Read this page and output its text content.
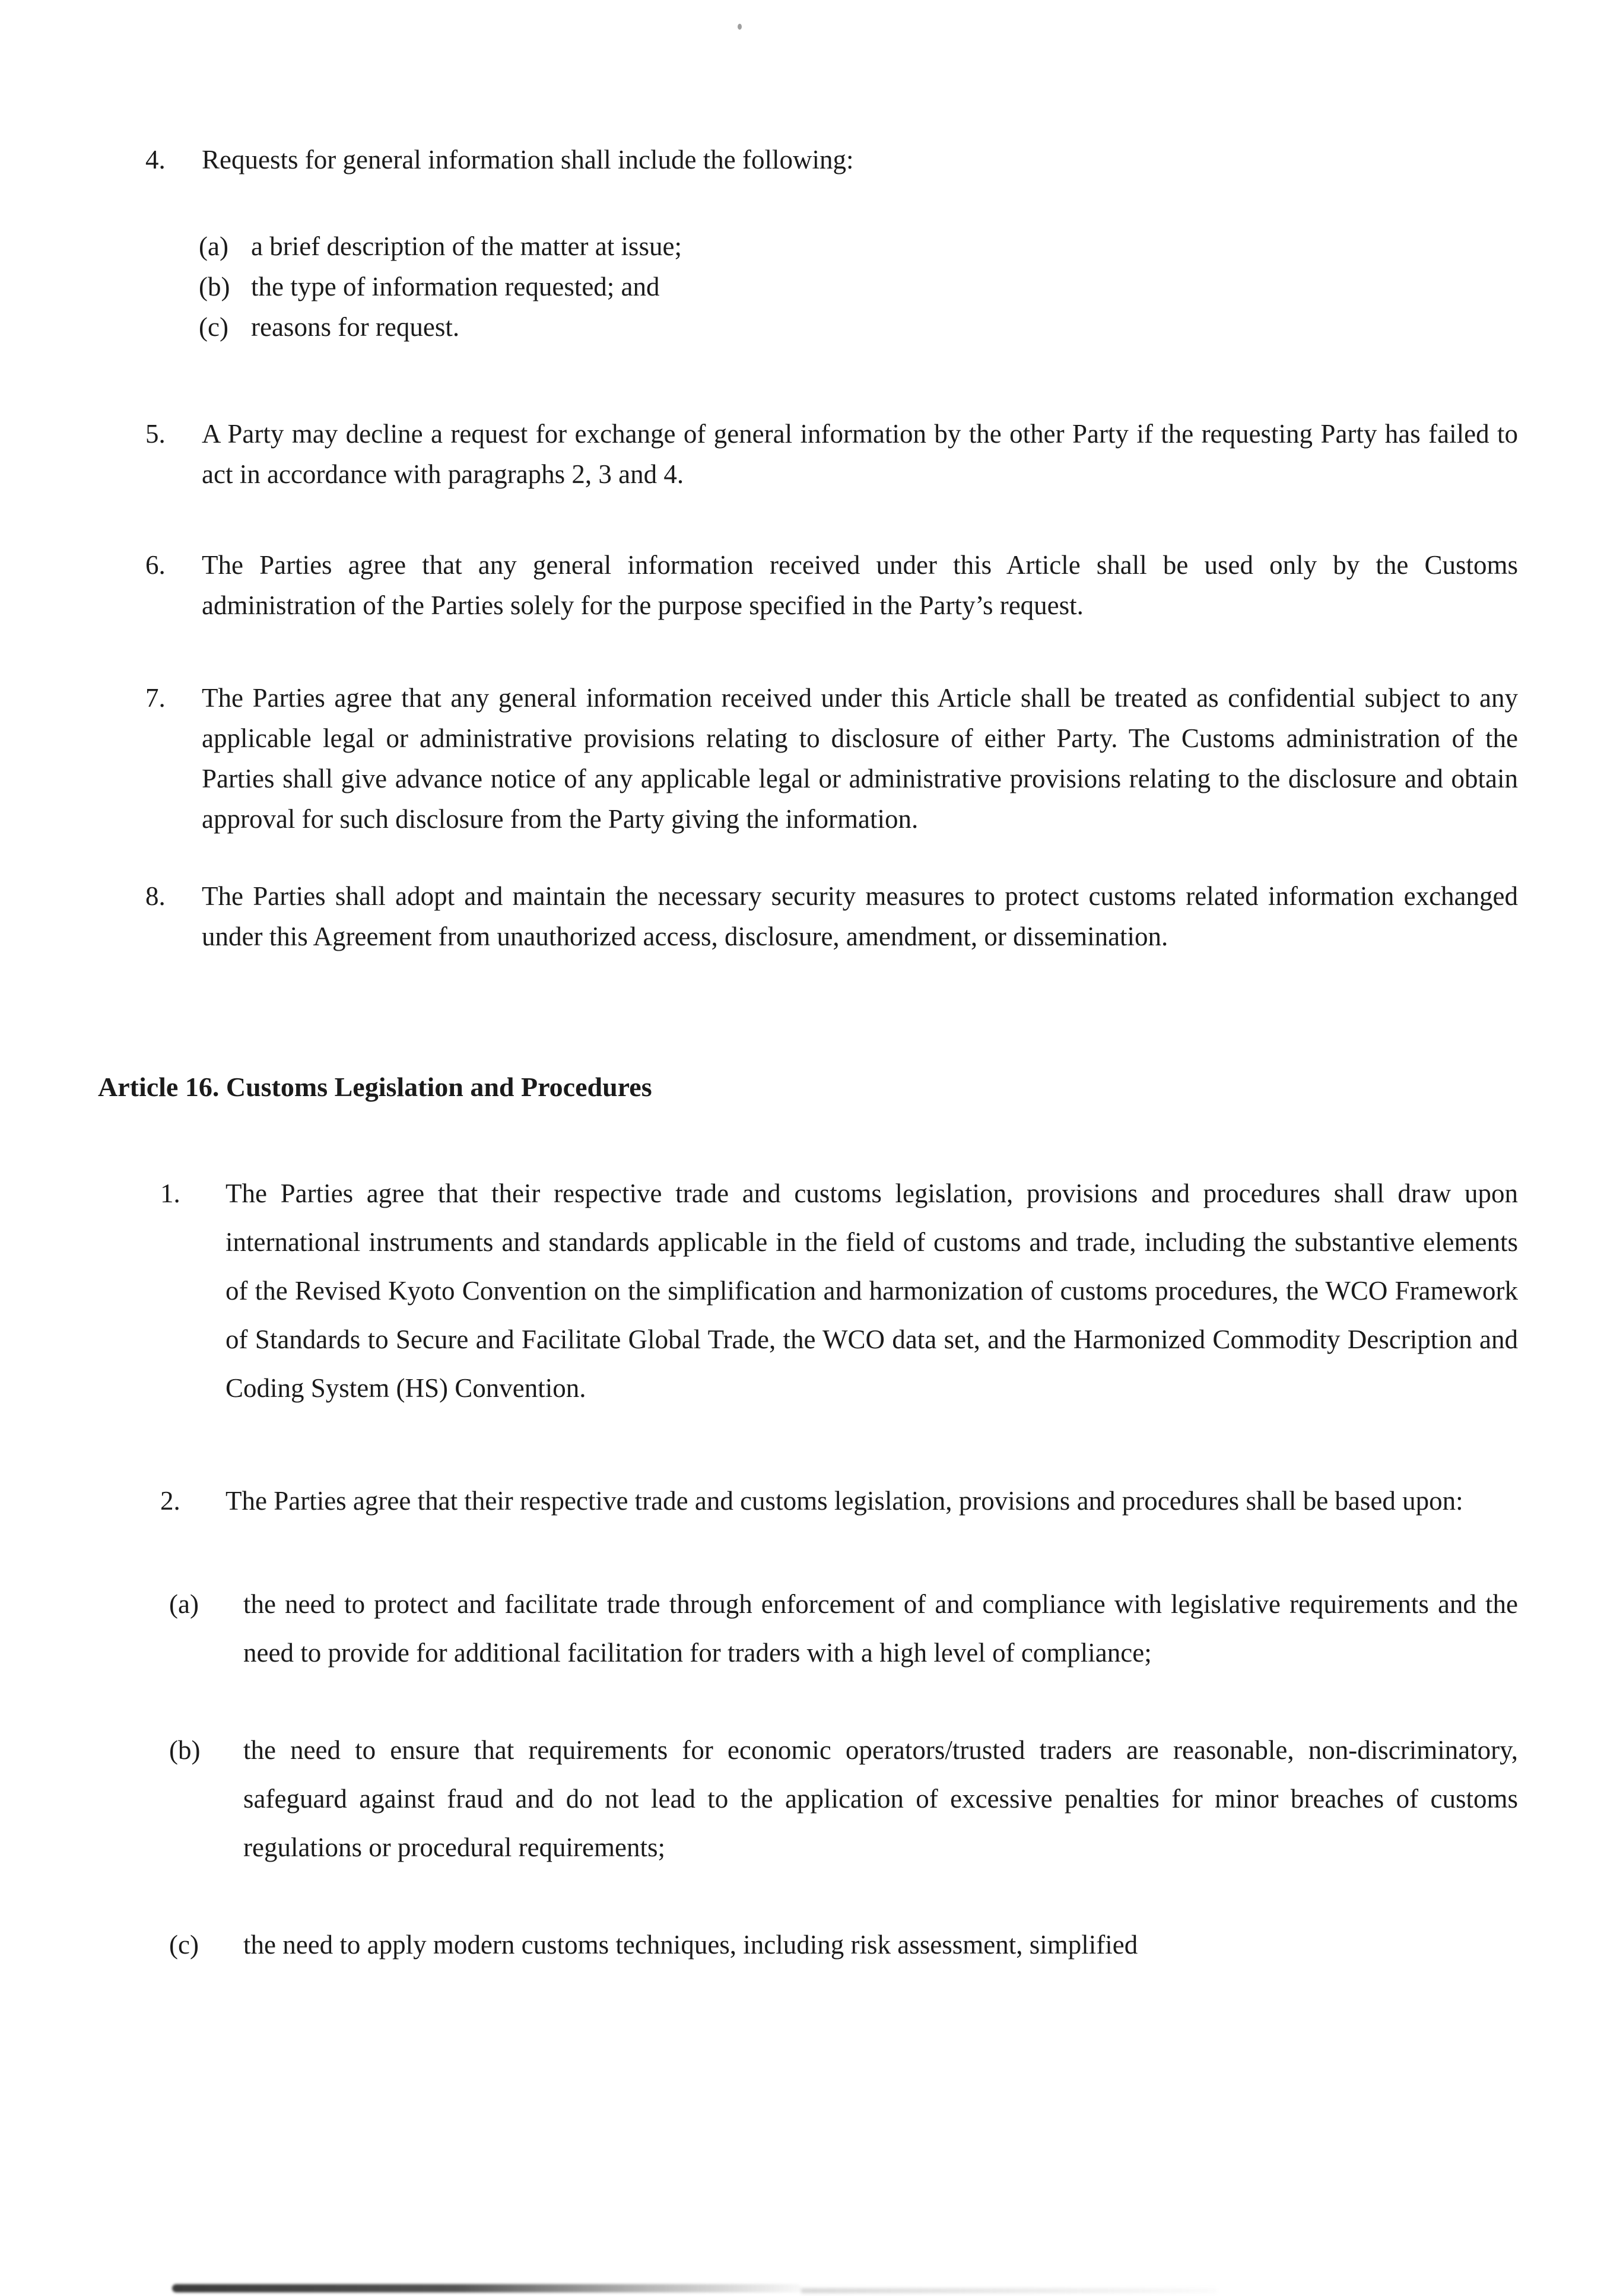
4.	Requests for general information shall include the following:
(a) a brief description of the matter at issue;
(b) the type of information requested; and
(c) reasons for request.
5.	A Party may decline a request for exchange of general information by the other Party if the requesting Party has failed to act in accordance with paragraphs 2, 3 and 4.
6.	The Parties agree that any general information received under this Article shall be used only by the Customs administration of the Parties solely for the purpose specified in the Party’s request.
7.	The Parties agree that any general information received under this Article shall be treated as confidential subject to any applicable legal or administrative provisions relating to disclosure of either Party. The Customs administration of the Parties shall give advance notice of any applicable legal or administrative provisions relating to the disclosure and obtain approval for such disclosure from the Party giving the information.
8.	The Parties shall adopt and maintain the necessary security measures to protect customs related information exchanged under this Agreement from unauthorized access, disclosure, amendment, or dissemination.
Article 16. Customs Legislation and Procedures
1.	The Parties agree that their respective trade and customs legislation, provisions and procedures shall draw upon international instruments and standards applicable in the field of customs and trade, including the substantive elements of the Revised Kyoto Convention on the simplification and harmonization of customs procedures, the WCO Framework of Standards to Secure and Facilitate Global Trade, the WCO data set, and the Harmonized Commodity Description and Coding System (HS) Convention.
2.	The Parties agree that their respective trade and customs legislation, provisions and procedures shall be based upon:
(a)	the need to protect and facilitate trade through enforcement of and compliance with legislative requirements and the need to provide for additional facilitation for traders with a high level of compliance;
(b)	the need to ensure that requirements for economic operators/trusted traders are reasonable, non-discriminatory, safeguard against fraud and do not lead to the application of excessive penalties for minor breaches of customs regulations or procedural requirements;
(c)	the need to apply modern customs techniques, including risk assessment, simplified
